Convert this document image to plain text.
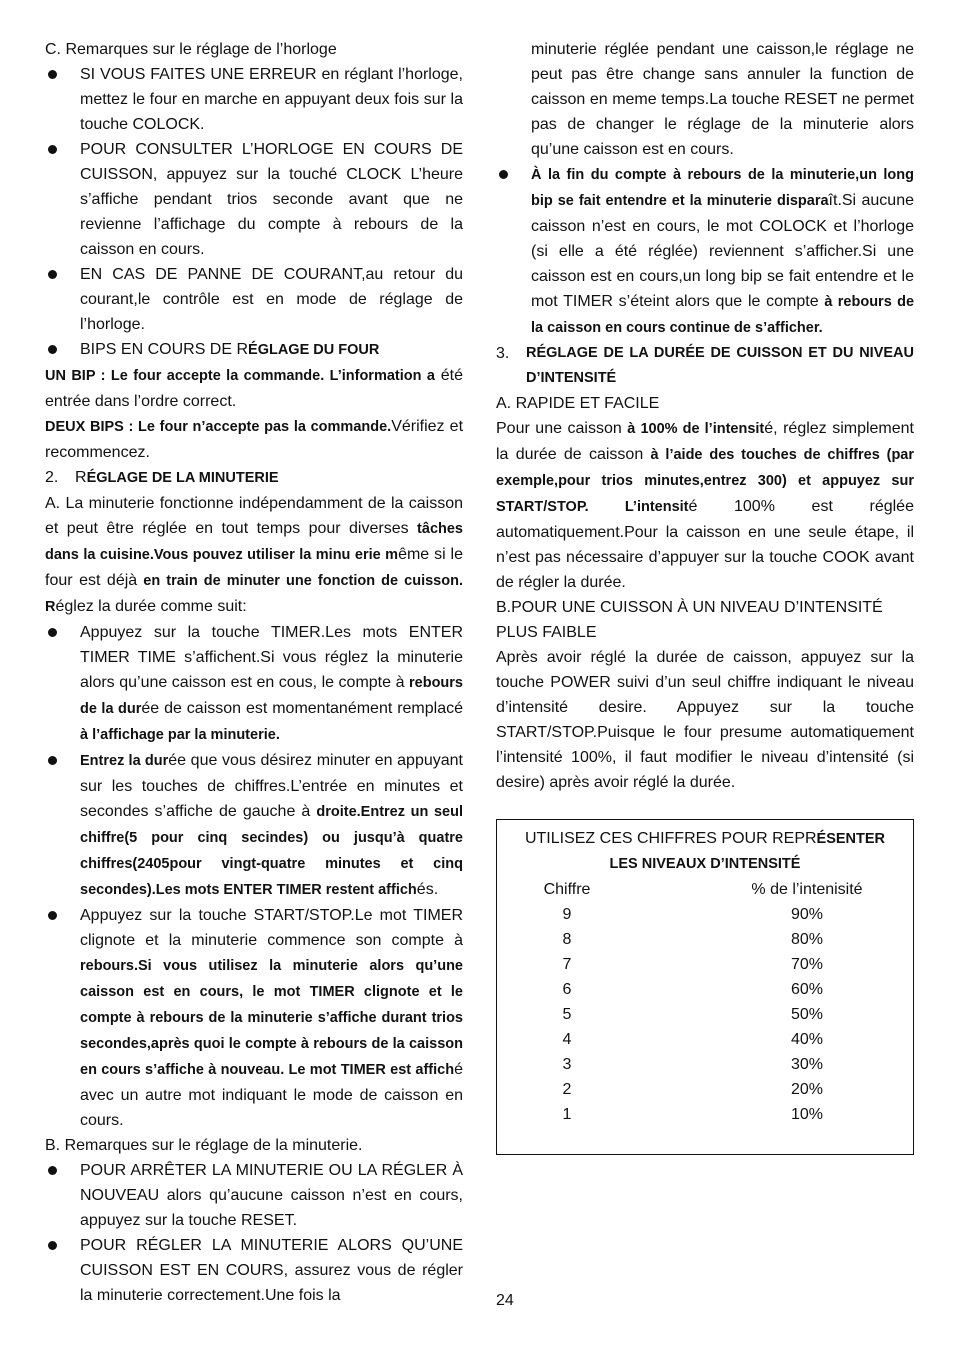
C. Remarques sur le réglage de l’horloge

SI VOUS FAITES UNE ERREUR en réglant l’horloge, mettez le four en marche en appuyant deux fois sur la touche COLOCK.

POUR CONSULTER L’HORLOGE EN COURS DE CUISSON, appuyez sur la touché CLOCK L’heure s’affiche pendant trios seconde avant que ne revienne l’affichage du compte à rebours de la caisson en cours.

EN CAS DE PANNE DE COURANT,au retour du courant,le contrôle est en mode de réglage de l’horloge.

BIPS EN COURS DE RÉGLAGE DU FOUR

UN BIP : Le four accepte la commande. L’information a été entrée dans l’ordre correct.

DEUX BIPS : Le four n’accepte pas la commande.Vérifiez et recommencez.

2. RÉGLAGE DE LA MINUTERIE

A. La minuterie fonctionne indépendamment de la caisson et peut être réglée en tout temps pour diverses tâches dans la cuisine.Vous pouvez utiliser la minu erie même si le four est déjà en train de minuter une fonction de cuisson. Réglez la durée comme suit:

Appuyez sur la touche TIMER.Les mots ENTER TIMER TIME s’affichent.Si vous réglez la minuterie alors qu’une caisson est en cous, le compte à rebours de la durée de caisson est momentanément remplacé à l’affichage par la minuterie.

Entrez la durée que vous désirez minuter en appuyant sur les touches de chiffres.L’entrée en minutes et secondes s’affiche de gauche à droite.Entrez un seul chiffre(5 pour cinq secindes) ou jusqu’à quatre chiffres(2405pour vingt-quatre minutes et cinq secondes).Les mots ENTER TIMER restent affichés.

Appuyez sur la touche START/STOP.Le mot TIMER clignote et la minuterie commence son compte à rebours.Si vous utilisez la minuterie alors qu’une caisson est en cours, le mot TIMER clignote et le compte à rebours de la minuterie s’affiche durant trios secondes,après quoi le compte à rebours de la caisson en cours s’affiche à nouveau. Le mot TIMER est affiché avec un autre mot indiquant le mode de caisson en cours.

B. Remarques sur le réglage de la minuterie.

POUR ARRÊTER LA MINUTERIE OU LA RÉGLER À NOUVEAU alors qu’aucune caisson n’est en cours, appuyez sur la touche RESET.

POUR RÉGLER LA MINUTERIE ALORS QU’UNE CUISSON EST EN COURS, assurez vous de régler la minuterie correctement.Une fois la

minuterie réglée pendant une caisson,le réglage ne peut pas être change sans annuler la function de caisson en meme temps.La touche RESET ne permet pas de changer le réglage de la minuterie alors qu’une caisson est en cours.

À la fin du compte à rebours de la minuterie,un long bip se fait entendre et la minuterie disparaît.Si aucune caisson n’est en cours, le mot COLOCK et l’horloge (si elle a été réglée) reviennent s’afficher.Si une caisson est en cours,un long bip se fait entendre et le mot TIMER s’éteint alors que le compte à rebours de la caisson en cours continue de s’afficher.

3.	RÉGLAGE DE LA DURÉE DE CUISSON ET DU NIVEAU D’INTENSITÉ

A. RAPIDE ET FACILE

Pour une caisson à 100% de l’intensité, réglez simplement la durée de caisson à l’aide des touches de chiffres (par exemple,pour trios minutes,entrez 300) et appuyez sur START/STOP. L’intensité 100% est réglée automatiquement.Pour la caisson en une seule étape, il n’est pas nécessaire d’appuyer sur la touche COOK avant de régler la durée.

B.POUR UNE CUISSON À UN NIVEAU D’INTENSITÉ PLUS FAIBLE

Après avoir réglé la durée de caisson, appuyez sur la touche POWER suivi d’un seul chiffre indiquant le niveau d’intensité desire. Appuyez sur la touche START/STOP.Puisque le four presume automatiquement l’intensité 100%, il faut modifier le niveau d’intensité (si desire) après avoir réglé la durée.

UTILISEZ CES CHIFFRES POUR REPRÉSENTER
LES NIVEAUX D’INTENSITÉ
Chiffre	% de l’intenisité
9	90%
8	80%
7	70%
6	60%
5	50%
4	40%
3	30%
2	20%
1	10%
24
